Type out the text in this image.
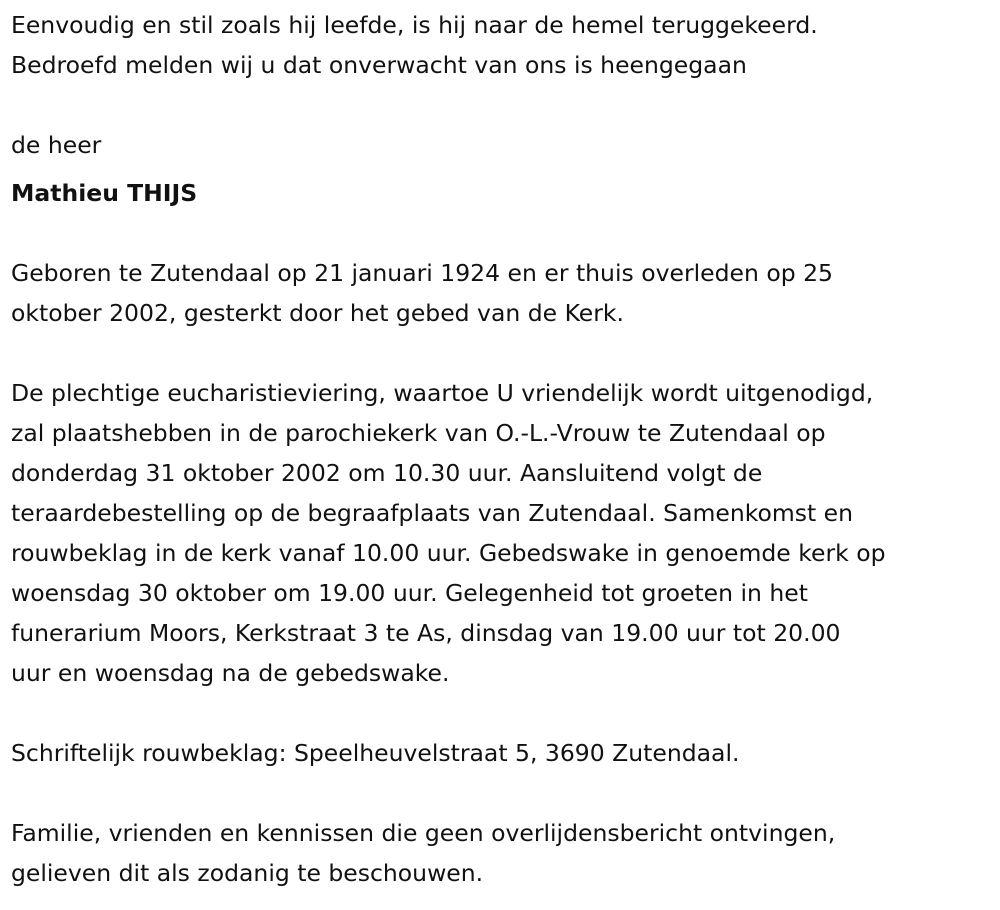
Eenvoudig en stil zoals hij leefde, is hij naar de hemel teruggekeerd.

Bedroefd melden wij u dat onverwacht van ons is heengegaan

de heer

Mathieu THIJS

Geboren te Zutendaal op 21 januari 1924 en er thuis overleden op 25

oktober 2002, gesterkt door het gebed van de Kerk.

De plechtige eucharistieviering, waartoe U vriendelijk wordt uitgenodigd,

zal plaatshebben in de parochiekerk van O.-L.-Vrouw te Zutendaal op

donderdag 31 oktober 2002 om 10.30 uur. Aansluitend volgt de

teraardebestelling op de begraafplaats van Zutendaal. Samenkomst en

rouwbeklag in de kerk vanaf 10.00 uur. Gebedswake in genoemde kerk op

woensdag 30 oktober om 19.00 uur. Gelegenheid tot groeten in het

funerarium Moors, Kerkstraat 3 te As, dinsdag van 19.00 uur tot 20.00

uur en woensdag na de gebedswake.

Schriftelijk rouwbeklag: Speelheuvelstraat 5, 3690 Zutendaal.

Familie, vrienden en kennissen die geen overlijdensbericht ontvingen,

gelieven dit als zodanig te beschouwen.
